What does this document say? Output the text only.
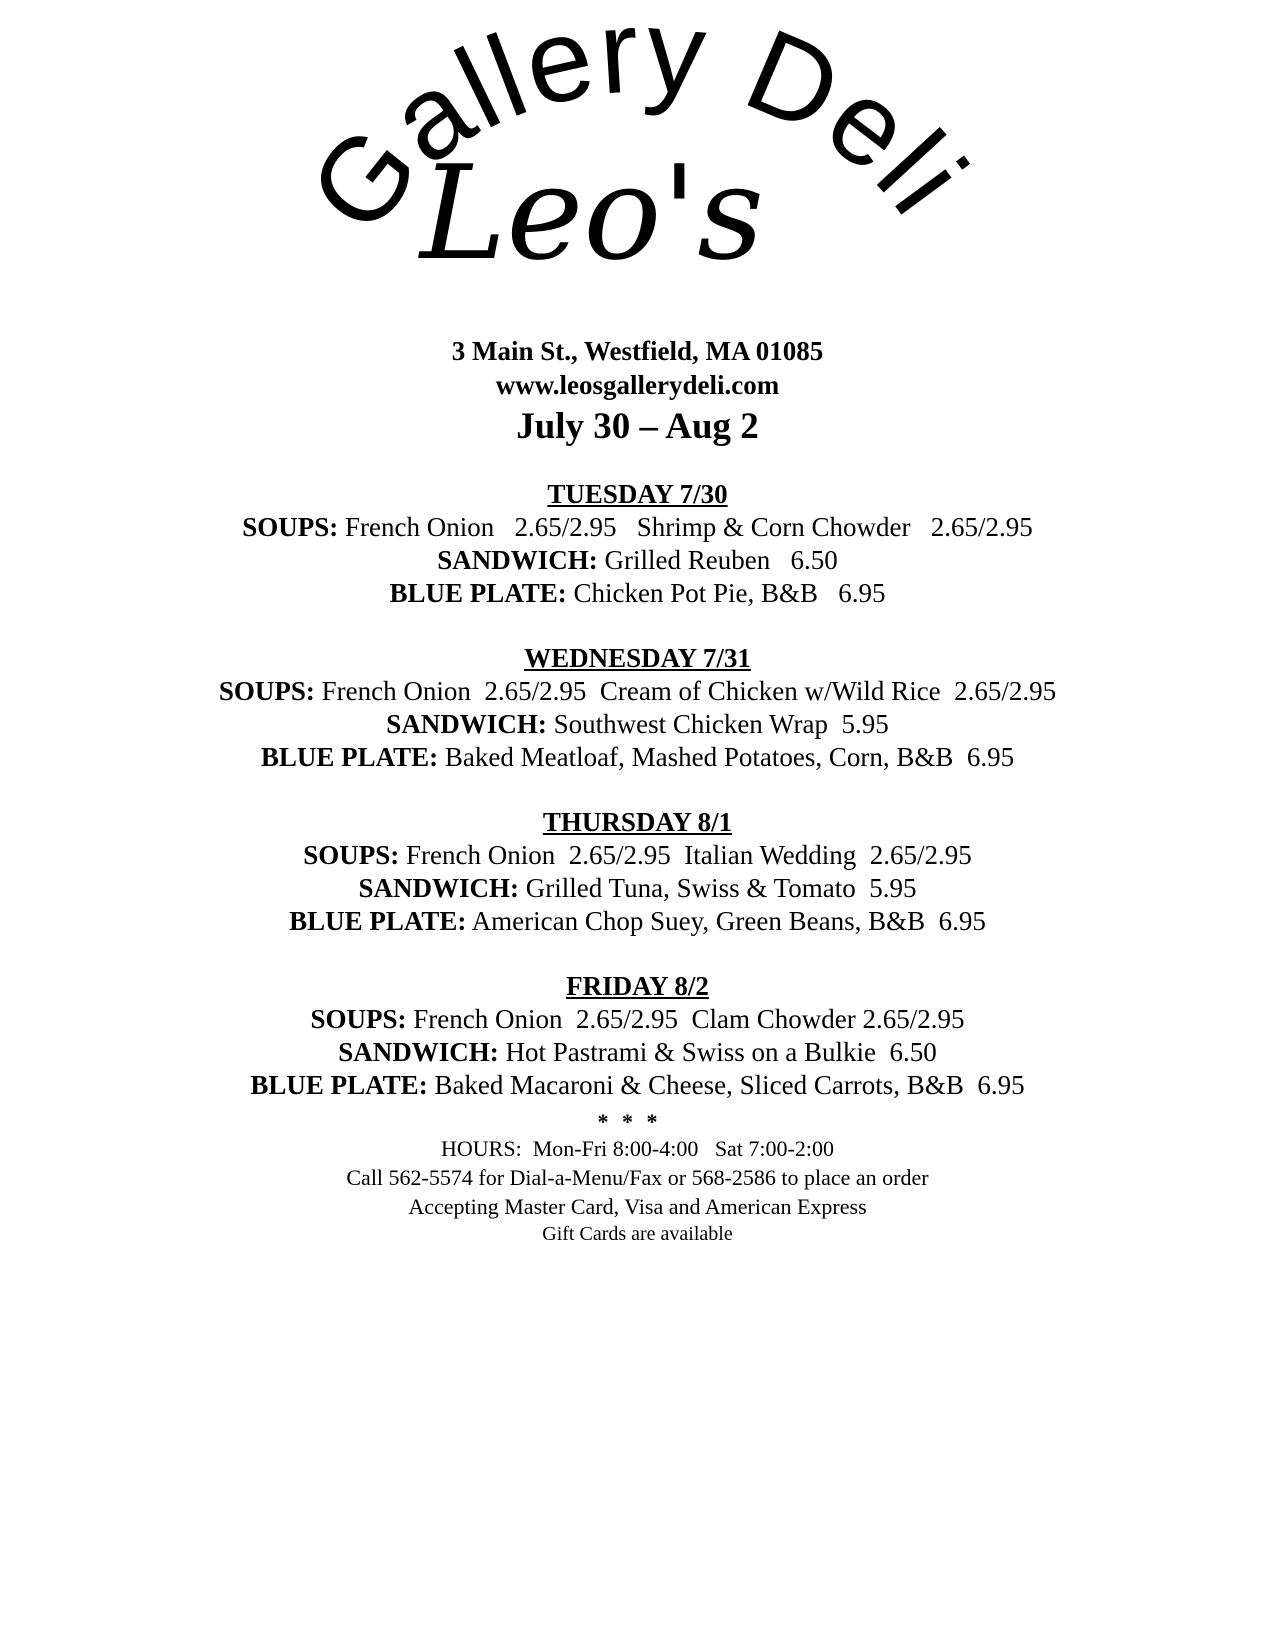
Gallery Deli
Leo's
3 Main St., Westfield, MA 01085
www.leosgallerydeli.com
July 30 – Aug 2
TUESDAY 7/30
SOUPS: French Onion   2.65/2.95   Shrimp & Corn Chowder   2.65/2.95
SANDWICH: Grilled Reuben   6.50
BLUE PLATE: Chicken Pot Pie, B&B   6.95
WEDNESDAY 7/31
SOUPS: French Onion  2.65/2.95  Cream of Chicken w/Wild Rice  2.65/2.95
SANDWICH: Southwest Chicken Wrap  5.95
BLUE PLATE: Baked Meatloaf, Mashed Potatoes, Corn, B&B  6.95
THURSDAY 8/1
SOUPS: French Onion  2.65/2.95  Italian Wedding  2.65/2.95
SANDWICH: Grilled Tuna, Swiss & Tomato  5.95
BLUE PLATE: American Chop Suey, Green Beans, B&B  6.95
FRIDAY 8/2
SOUPS: French Onion  2.65/2.95  Clam Chowder 2.65/2.95
SANDWICH: Hot Pastrami & Swiss on a Bulkie  6.50
BLUE PLATE: Baked Macaroni & Cheese, Sliced Carrots, B&B  6.95
* * *
HOURS:  Mon-Fri 8:00-4:00   Sat 7:00-2:00
Call 562-5574 for Dial-a-Menu/Fax or 568-2586 to place an order
Accepting Master Card, Visa and American Express
Gift Cards are available
